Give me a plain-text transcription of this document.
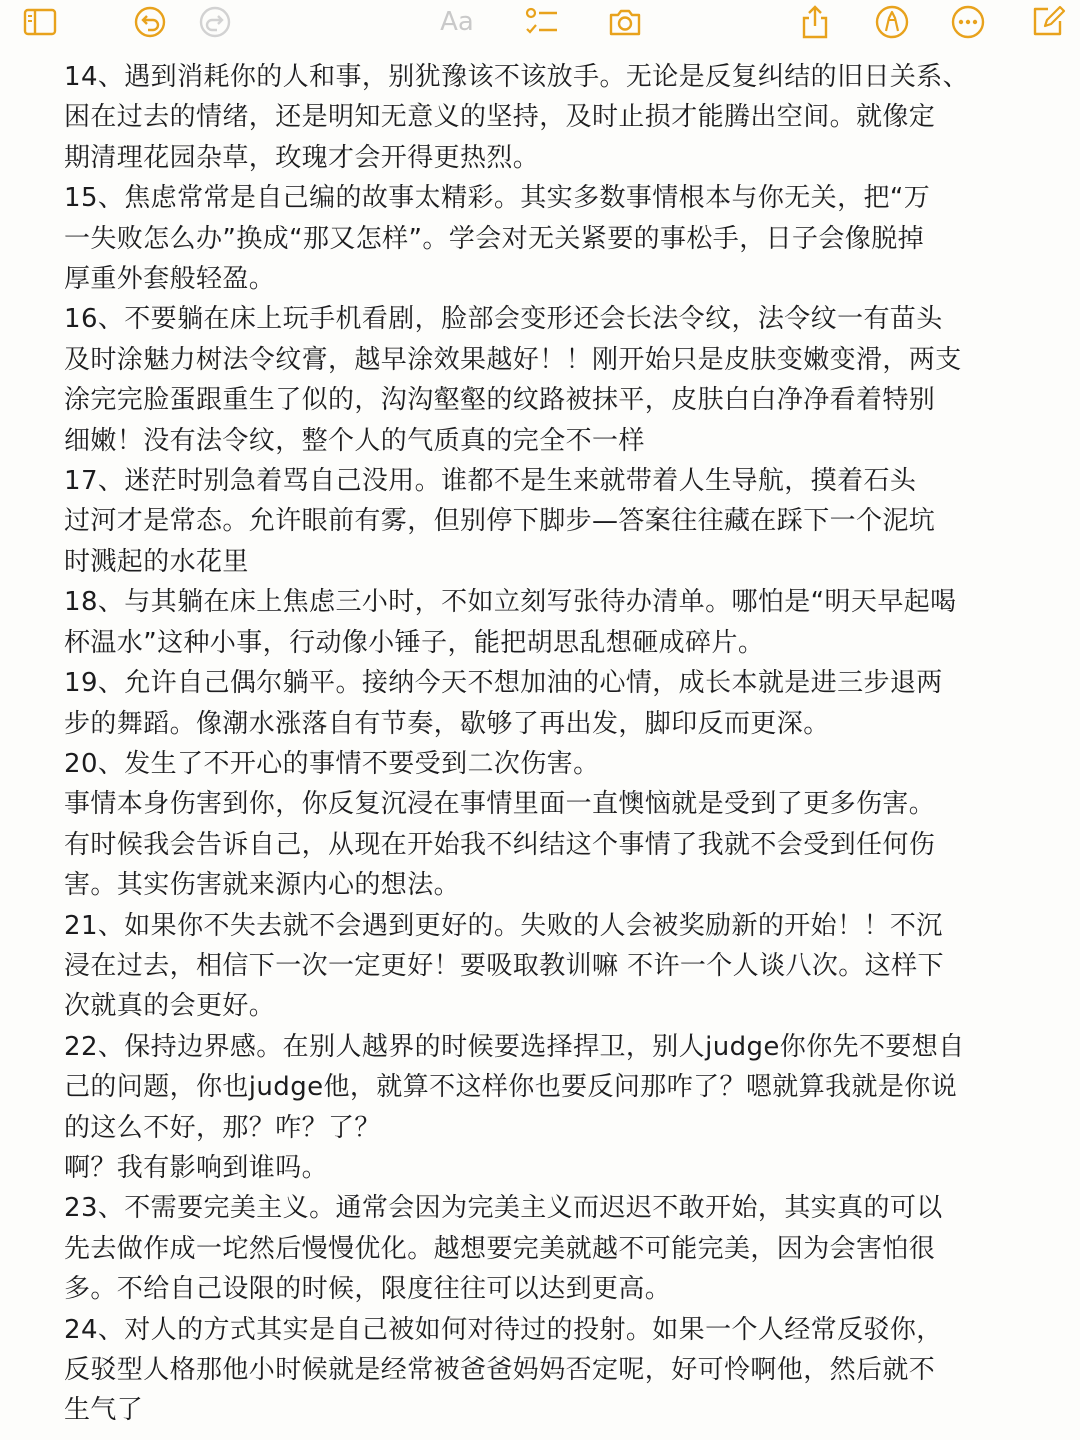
Aa

14、遇到消耗你的人和事，别犹豫该不该放手。无论是反复纠结的旧日关系、

困在过去的情绪，还是明知无意义的坚持，及时止损才能腾出空间。就像定

期清理花园杂草，玫瑰才会开得更热烈。

15、焦虑常常是自己编的故事太精彩。其实多数事情根本与你无关，把“万

一失败怎么办”换成“那又怎样”。学会对无关紧要的事松手，日子会像脱掉

厚重外套般轻盈。

16、不要躺在床上玩手机看剧，脸部会变形还会长法令纹，法令纹一有苗头

及时涂魅力树法令纹膏，越早涂效果越好！！刚开始只是皮肤变嫩变滑，两支

涂完完脸蛋跟重生了似的，沟沟壑壑的纹路被抹平，皮肤白白净净看着特别

细嫩！没有法令纹，整个人的气质真的完全不一样

17、迷茫时别急着骂自己没用。谁都不是生来就带着人生导航，摸着石头

过河才是常态。允许眼前有雾，但别停下脚步—答案往往藏在踩下一个泥坑

时溅起的水花里

18、与其躺在床上焦虑三小时，不如立刻写张待办清单。哪怕是“明天早起喝

杯温水”这种小事，行动像小锤子，能把胡思乱想砸成碎片。

19、允许自己偶尔躺平。接纳今天不想加油的心情，成长本就是进三步退两

步的舞蹈。像潮水涨落自有节奏，歇够了再出发，脚印反而更深。

20、发生了不开心的事情不要受到二次伤害。

事情本身伤害到你，你反复沉浸在事情里面一直懊恼就是受到了更多伤害。

有时候我会告诉自己，从现在开始我不纠结这个事情了我就不会受到任何伤

害。其实伤害就来源内心的想法。

21、如果你不失去就不会遇到更好的。失败的人会被奖励新的开始！！不沉

浸在过去，相信下一次一定更好！要吸取教训嘛 不许一个人谈八次。这样下

次就真的会更好。

22、保持边界感。在别人越界的时候要选择捍卫，别人judge你你先不要想自

己的问题，你也judge他，就算不这样你也要反问那咋了？嗯就算我就是你说

的这么不好，那？咋？了？

啊？我有影响到谁吗。

23、不需要完美主义。通常会因为完美主义而迟迟不敢开始，其实真的可以

先去做作成一坨然后慢慢优化。越想要完美就越不可能完美，因为会害怕很

多。不给自己设限的时候，限度往往可以达到更高。

24、对人的方式其实是自己被如何对待过的投射。如果一个人经常反驳你，

反驳型人格那他小时候就是经常被爸爸妈妈否定呢，好可怜啊他，然后就不

生气了
